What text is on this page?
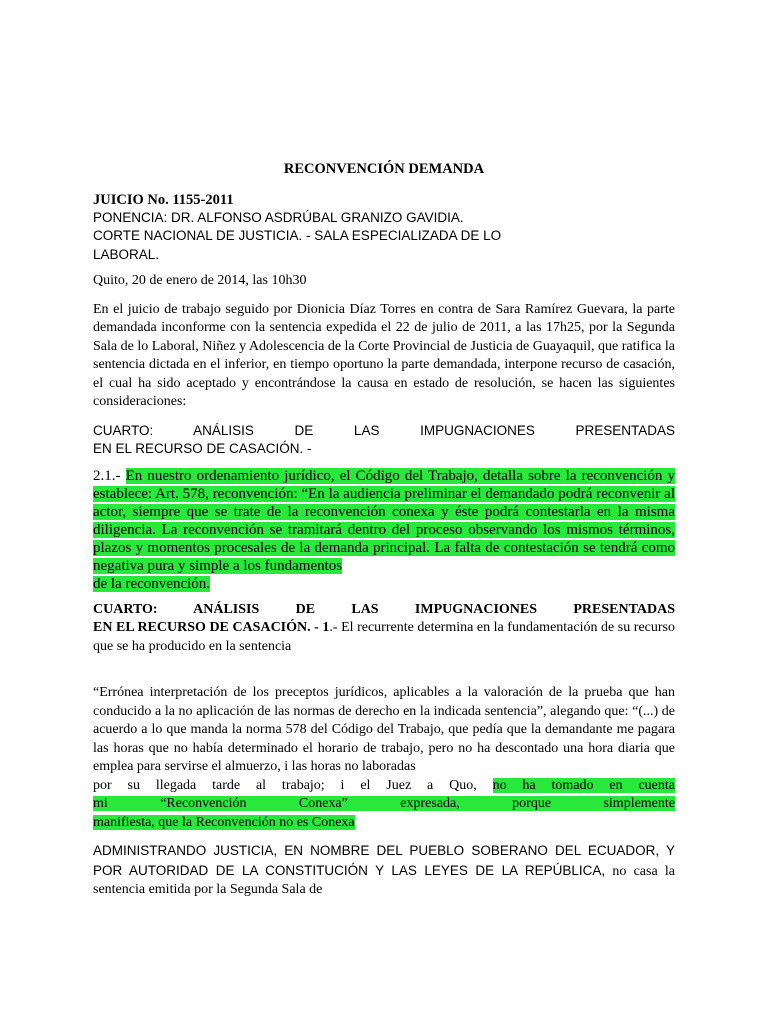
RECONVENCIÓN DEMANDA
JUICIO No. 1155-2011
PONENCIA: DR. ALFONSO ASDRÚBAL GRANIZO GAVIDIA.
CORTE NACIONAL DE JUSTICIA. - SALA ESPECIALIZADA DE LO
LABORAL.
Quito, 20 de enero de 2014, las 10h30

En el juicio de trabajo seguido por Dionicia Díaz Torres en contra de Sara Ramírez Guevara, la parte demandada inconforme con la sentencia expedida el 22 de julio de 2011, a las 17h25, por la Segunda Sala de lo Laboral, Niñez y Adolescencia de la Corte Provincial de Justicia de Guayaquil, que ratifica la sentencia dictada en el inferior, en tiempo oportuno la parte demandada, interpone recurso de casación, el cual ha sido aceptado y encontrándose la causa en estado de resolución, se hacen las siguientes consideraciones:

CUARTO: ANÁLISIS DE LAS IMPUGNACIONES PRESENTADAS

EN EL RECURSO DE CASACIÓN. -

2.1.- En nuestro ordenamiento jurídico, el Código del Trabajo, detalla sobre la reconvención y establece: Art. 578, reconvención: “En la audiencia preliminar el demandado podrá reconvenir al actor, siempre que se trate de la reconvención conexa y éste podrá contestarla en la misma diligencia. La reconvención se tramitará dentro del proceso observando los mismos términos, plazos y momentos procesales de la demanda principal. La falta de contestación se tendrá como negativa pura y simple a los fundamentos

de la reconvención.

CUARTO: ANÁLISIS DE LAS IMPUGNACIONES PRESENTADAS

EN EL RECURSO DE CASACIÓN. - 1.- El recurrente determina en la fundamentación de su recurso que se ha producido en la sentencia

“Errónea interpretación de los preceptos jurídicos, aplicables a la valoración de la prueba que han conducido a la no aplicación de las normas de derecho en la indicada sentencia”, alegando que: “(...) de acuerdo a lo que manda la norma 578 del Código del Trabajo, que pedía que la demandante me pagara las horas que no había determinado el horario de trabajo, pero no ha descontado una hora diaria que emplea para servirse el almuerzo, i las horas no laboradas

por su llegada tarde al trabajo; i el Juez a Quo, no ha tomado en cuenta

mi “Reconvención Conexa” expresada, porque simplemente

manifiesta, que la Reconvención no es Conexa

ADMINISTRANDO JUSTICIA, EN NOMBRE DEL PUEBLO SOBERANO DEL ECUADOR, Y POR AUTORIDAD DE LA CONSTITUCIÓN Y LAS LEYES DE LA REPÚBLICA, no casa la sentencia emitida por la Segunda Sala de
